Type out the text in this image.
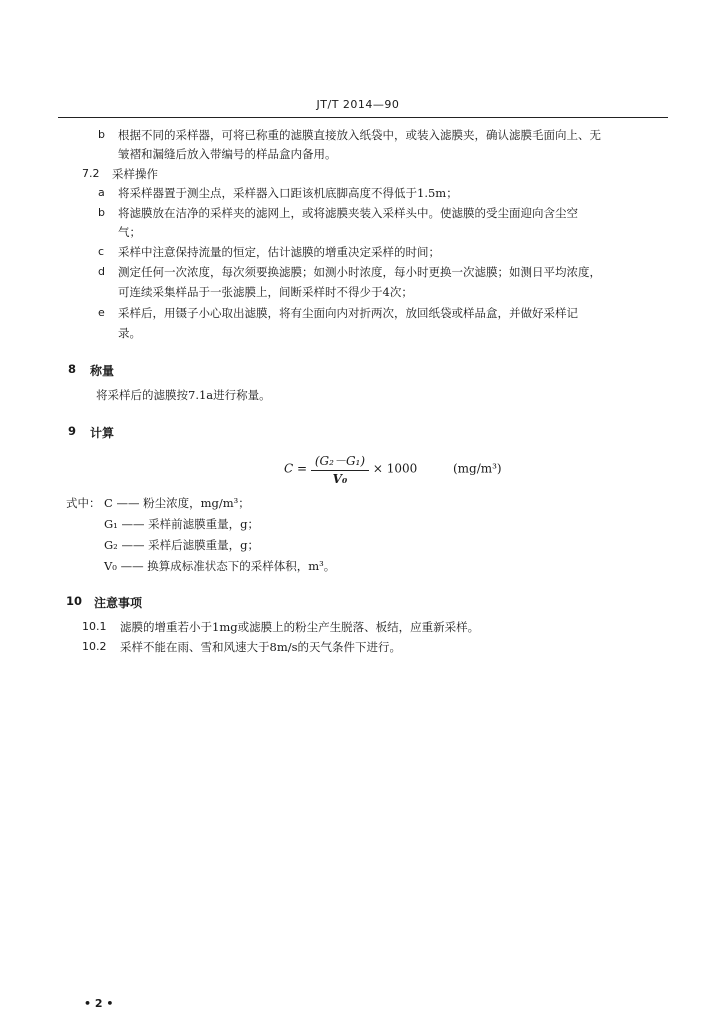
JT/T 2014—90
b 根据不同的采样器，可将已称重的滤膜直接放入纸袋中，或装入滤膜夹，确认滤膜毛面向上、无
皱褶和漏缝后放入带编号的样品盒内备用。
7.2 采样操作
a 将采样器置于测尘点，采样器入口距该机底脚高度不得低于1.5m；
b 将滤膜放在洁净的采样夹的滤网上，或将滤膜夹装入采样头中。使滤膜的受尘面迎向含尘空
气；
c 采样中注意保持流量的恒定，估计滤膜的增重决定采样的时间；
d 测定任何一次浓度，每次须要换滤膜；如测小时浓度，每小时更换一次滤膜；如测日平均浓度，
可连续采集样品于一张滤膜上，间断采样时不得少于4次；
e 采样后，用镊子小心取出滤膜，将有尘面向内对折两次，放回纸袋或样品盒，并做好采样记
录。
8 称量
将采样后的滤膜按7.1a进行称量。
9 计算
$C = \frac{\text{(G₂－G₁)}}{\text{V₀}} \times 1000$	(mg/m³)
式中： C —— 粉尘浓度，mg/m³；
G₁ —— 采样前滤膜重量，g；
G₂ —— 采样后滤膜重量，g；
V₀ —— 换算成标准状态下的采样体积，m³。
10 注意事项
10.1 滤膜的增重若小于1mg或滤膜上的粉尘产生脱落、板结，应重新采样。
10.2 采样不能在雨、雪和风速大于8m/s的天气条件下进行。
• 2 •
